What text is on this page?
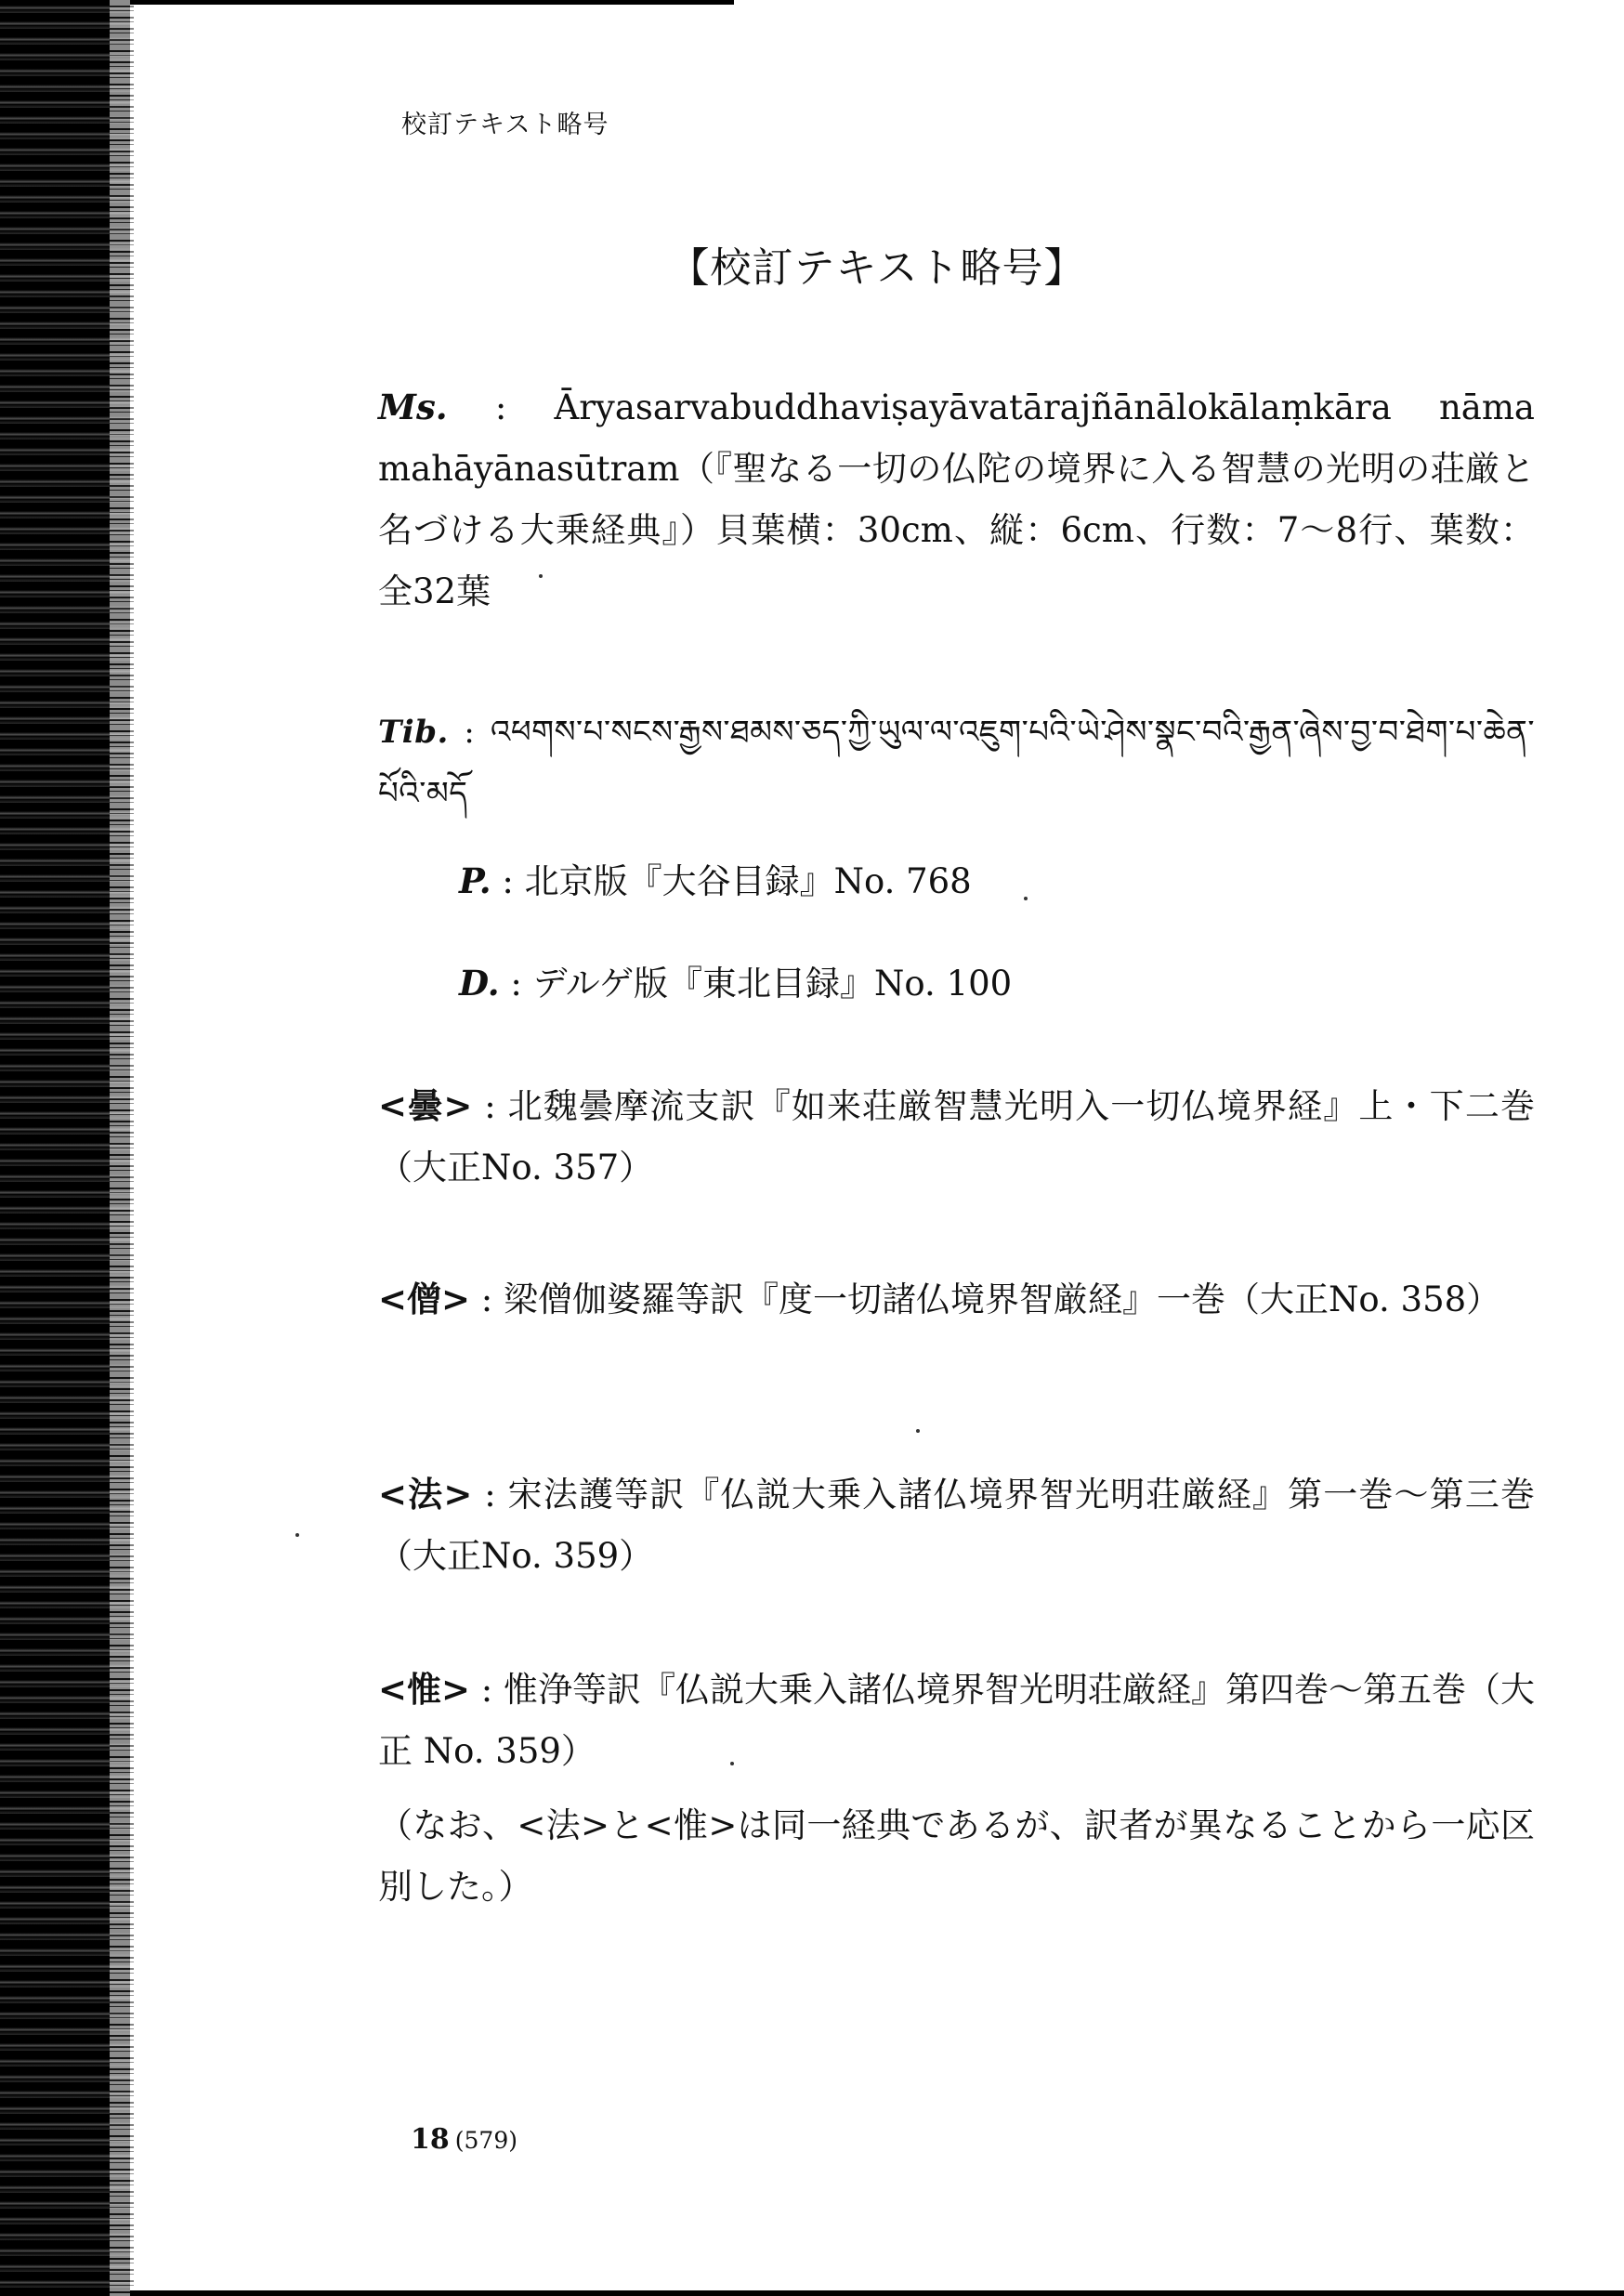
校訂テキスト略号
【校訂テキスト略号】
Ms. : Āryasarvabuddhaviṣayāvatārajñānālokālaṃkāra nāma mahāyānasūtram（『聖なる一切の仏陀の境界に入る智慧の光明の荘厳と名づける大乗経典』）貝葉横：30cm、縦：6cm、行数：7〜8行、葉数：全32葉
Tib. : འཕགས་པ་སངས་རྒྱས་ཐམས་ཅད་ཀྱི་ཡུལ་ལ་འཇུག་པའི་ཡེ་ཤེས་སྣང་བའི་རྒྱན་ཞེས་བྱ་བ་ཐེག་པ་ཆེན་པོའི་མདོ
P. : 北京版『大谷目録』No. 768
D. : デルゲ版『東北目録』No. 100
<曇> : 北魏曇摩流支訳『如来荘厳智慧光明入一切仏境界経』上・下二巻（大正No. 357）
<僧> : 梁僧伽婆羅等訳『度一切諸仏境界智厳経』一巻（大正No. 358）
<法> : 宋法護等訳『仏説大乗入諸仏境界智光明荘厳経』第一巻〜第三巻（大正No. 359）
<惟> : 惟浄等訳『仏説大乗入諸仏境界智光明荘厳経』第四巻〜第五巻（大正 No. 359）
（なお、<法>と<惟>は同一経典であるが、訳者が異なることから一応区別した。）
18 (579)
